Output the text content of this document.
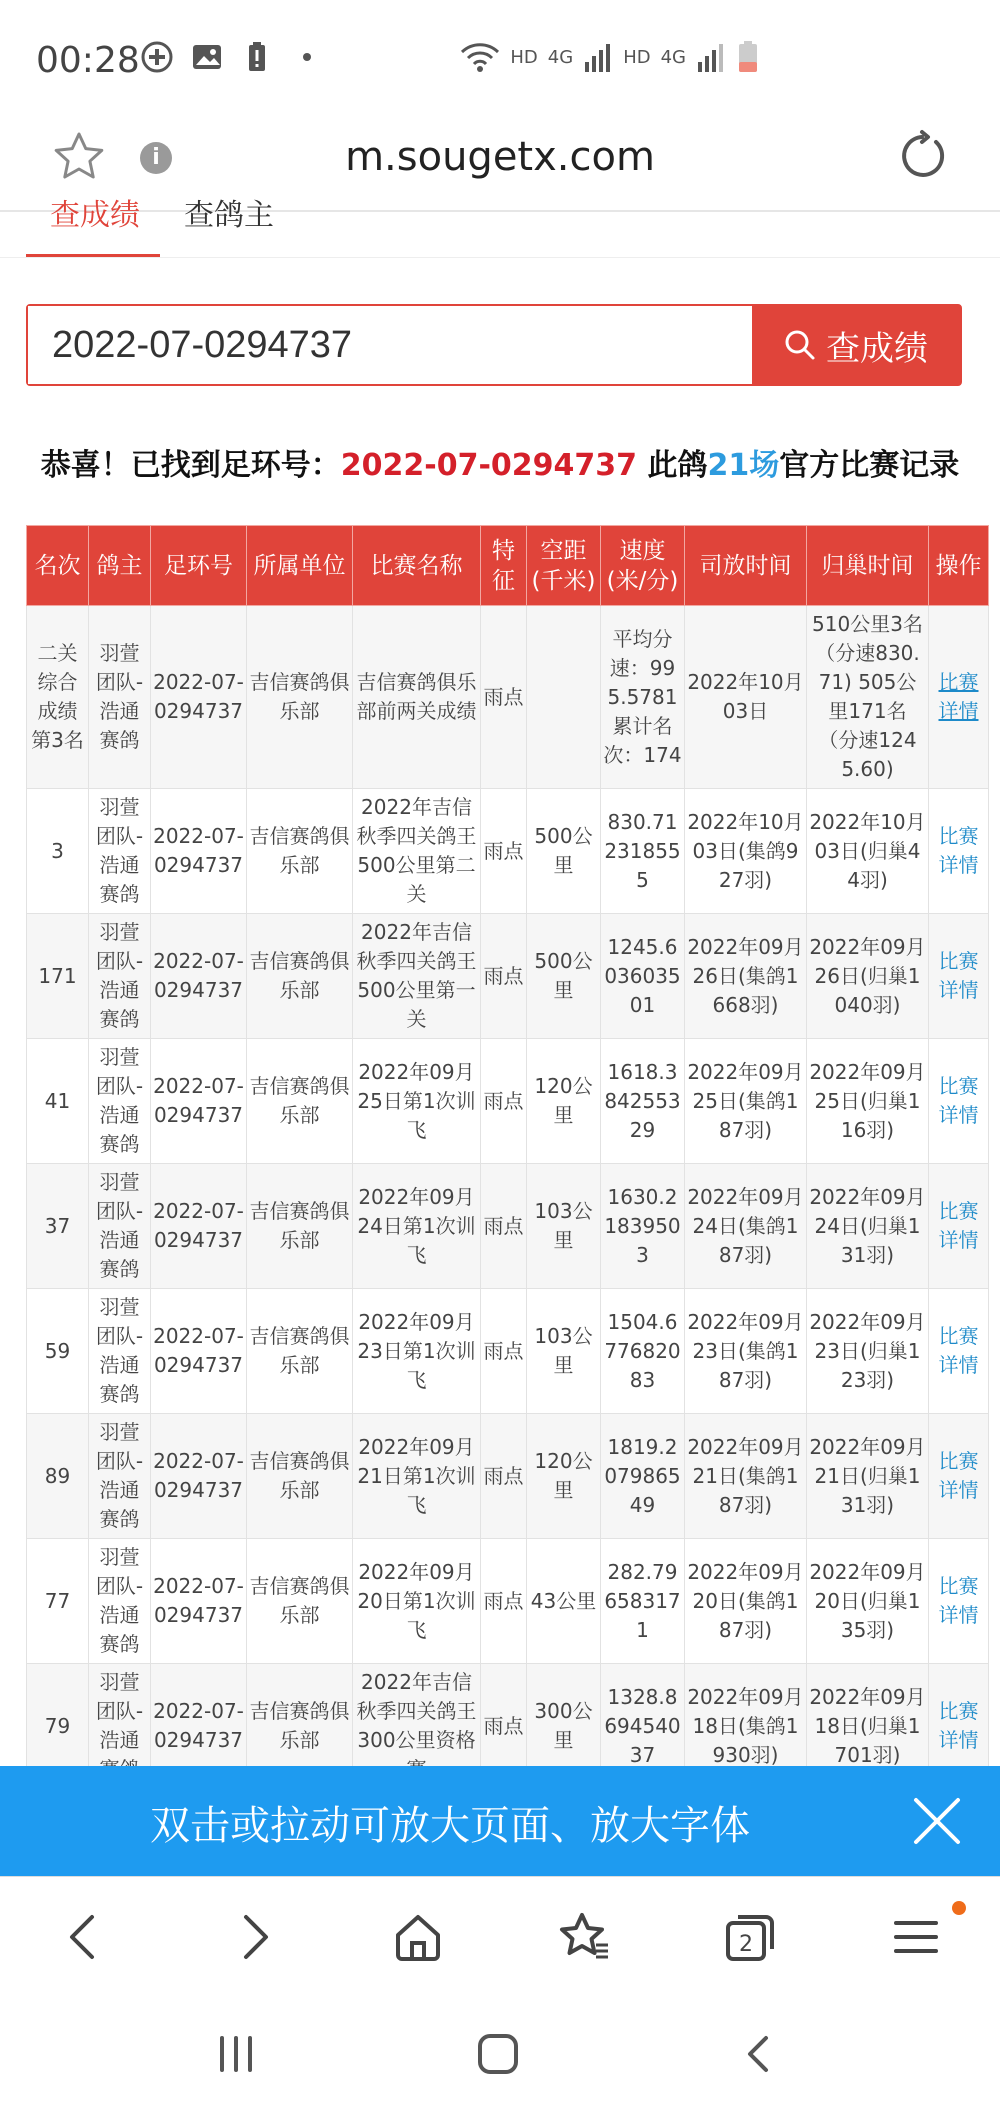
00:28	HD 4G	HD 4G
i	m.sougetx.com
查成绩 查鸽主
2022-07-0294737
查成绩
恭喜！已找到足环号：2022-07-0294737 此鸽21场官方比赛记录
名次	鸽主	足环号	所属单位	比赛名称	特征	空距(千米)	速度(米/分)	司放时间	归巢时间	操作
二关综合成绩第3名	羽萱团队-浩通赛鸽	2022-07-0294737	吉信赛鸽俱乐部	吉信赛鸽俱乐部前两关成绩	雨点		平均分速：995.5781 累计名次：174	2022年10月03日	510公里3名（分速830.71) 505公里171名（分速1245.60)	比赛详情
3	羽萱团队-浩通赛鸽	2022-07-0294737	吉信赛鸽俱乐部	2022年吉信秋季四关鸽王500公里第二关	雨点	500公里	830.712318555	2022年10月03日(集鸽927羽)	2022年10月03日(归巢44羽)	比赛详情
171	羽萱团队-浩通赛鸽	2022-07-0294737	吉信赛鸽俱乐部	2022年吉信秋季四关鸽王500公里第一关	雨点	500公里	1245.603603501	2022年09月26日(集鸽1668羽)	2022年09月26日(归巢1040羽)	比赛详情
41	羽萱团队-浩通赛鸽	2022-07-0294737	吉信赛鸽俱乐部	2022年09月25日第1次训飞	雨点	120公里	1618.384255329	2022年09月25日(集鸽187羽)	2022年09月25日(归巢116羽)	比赛详情
37	羽萱团队-浩通赛鸽	2022-07-0294737	吉信赛鸽俱乐部	2022年09月24日第1次训飞	雨点	103公里	1630.21839503	2022年09月24日(集鸽187羽)	2022年09月24日(归巢131羽)	比赛详情
59	羽萱团队-浩通赛鸽	2022-07-0294737	吉信赛鸽俱乐部	2022年09月23日第1次训飞	雨点	103公里	1504.677682083	2022年09月23日(集鸽187羽)	2022年09月23日(归巢123羽)	比赛详情
89	羽萱团队-浩通赛鸽	2022-07-0294737	吉信赛鸽俱乐部	2022年09月21日第1次训飞	雨点	120公里	1819.207986549	2022年09月21日(集鸽187羽)	2022年09月21日(归巢131羽)	比赛详情
77	羽萱团队-浩通赛鸽	2022-07-0294737	吉信赛鸽俱乐部	2022年09月20日第1次训飞	雨点	43公里	282.796583171	2022年09月20日(集鸽187羽)	2022年09月20日(归巢135羽)	比赛详情
79	羽萱团队-浩通	2022-07-0294737	吉信赛鸽俱乐部	2022年吉信秋季四关鸽王300公里资格	雨点	300公里	1328.869454037	2022年09月18日(集鸽1930羽)	2022年09月18日(归巢1701羽)	比赛详情
双击或拉动可放大页面、放大字体
2
